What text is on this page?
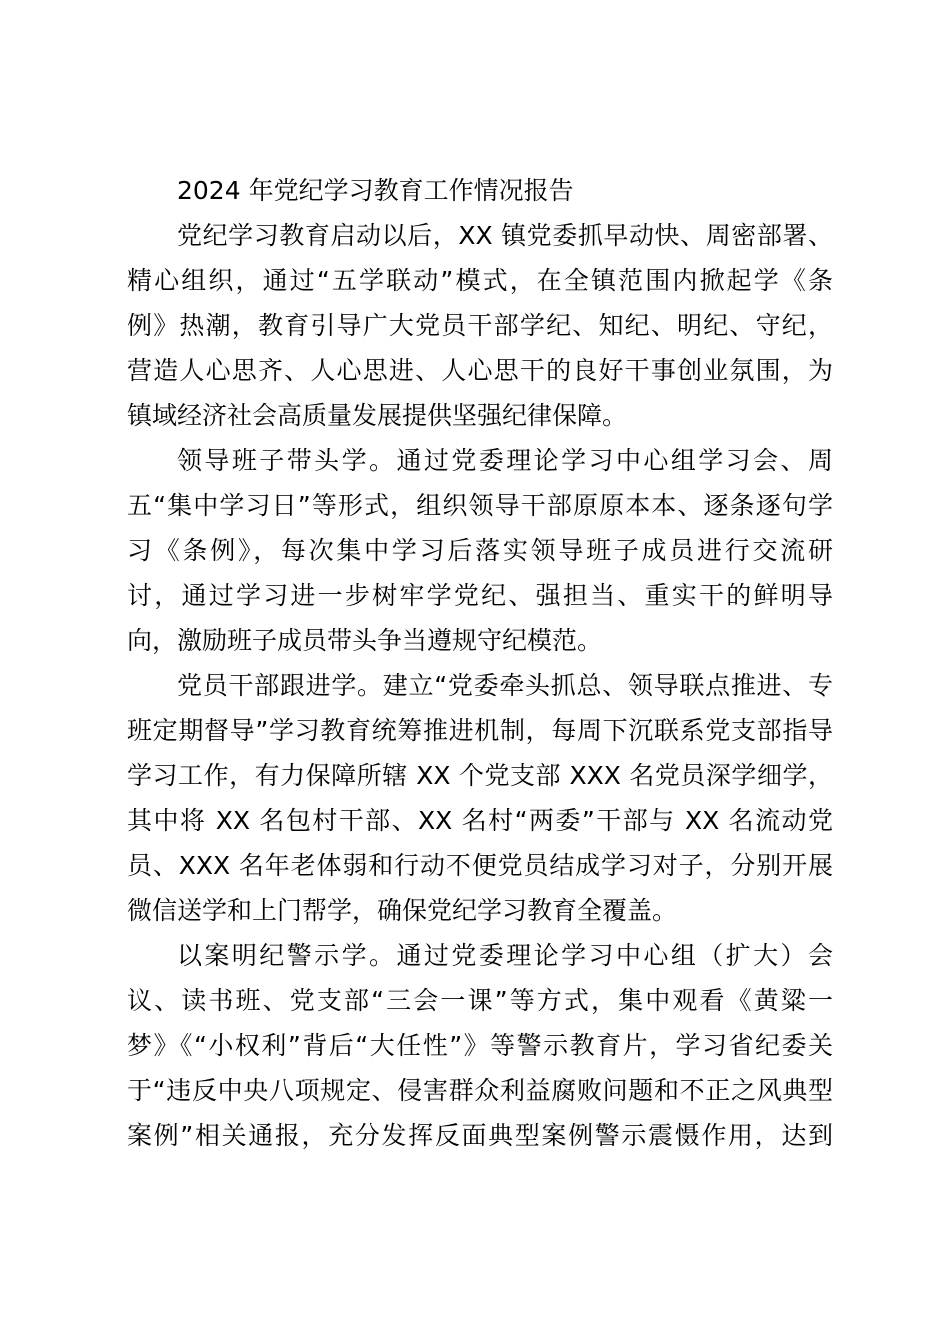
2024 年党纪学习教育工作情况报告

党纪学习教育启动以后，XX 镇党委抓早动快、周密部署、
精心组织，通过“五学联动”模式，在全镇范围内掀起学《条
例》热潮，教育引导广大党员干部学纪、知纪、明纪、守纪，
营造人心思齐、人心思进、人心思干的良好干事创业氛围，为
镇域经济社会高质量发展提供坚强纪律保障。

领导班子带头学。通过党委理论学习中心组学习会、周
五“集中学习日”等形式，组织领导干部原原本本、逐条逐句学
习《条例》，每次集中学习后落实领导班子成员进行交流研
讨，通过学习进一步树牢学党纪、强担当、重实干的鲜明导
向，激励班子成员带头争当遵规守纪模范。

党员干部跟进学。建立“党委牵头抓总、领导联点推进、专
班定期督导”学习教育统筹推进机制，每周下沉联系党支部指导
学习工作，有力保障所辖 XX 个党支部 XXX 名党员深学细学，
其中将 XX 名包村干部、XX 名村“两委”干部与 XX 名流动党
员、XXX 名年老体弱和行动不便党员结成学习对子，分别开展
微信送学和上门帮学，确保党纪学习教育全覆盖。

以案明纪警示学。通过党委理论学习中心组（扩大）会
议、读书班、党支部“三会一课”等方式，集中观看《黄粱一
梦》《“小权利”背后“大任性”》等警示教育片，学习省纪委关
于“违反中央八项规定、侵害群众利益腐败问题和不正之风典型
案例”相关通报，充分发挥反面典型案例警示震慑作用，达到
